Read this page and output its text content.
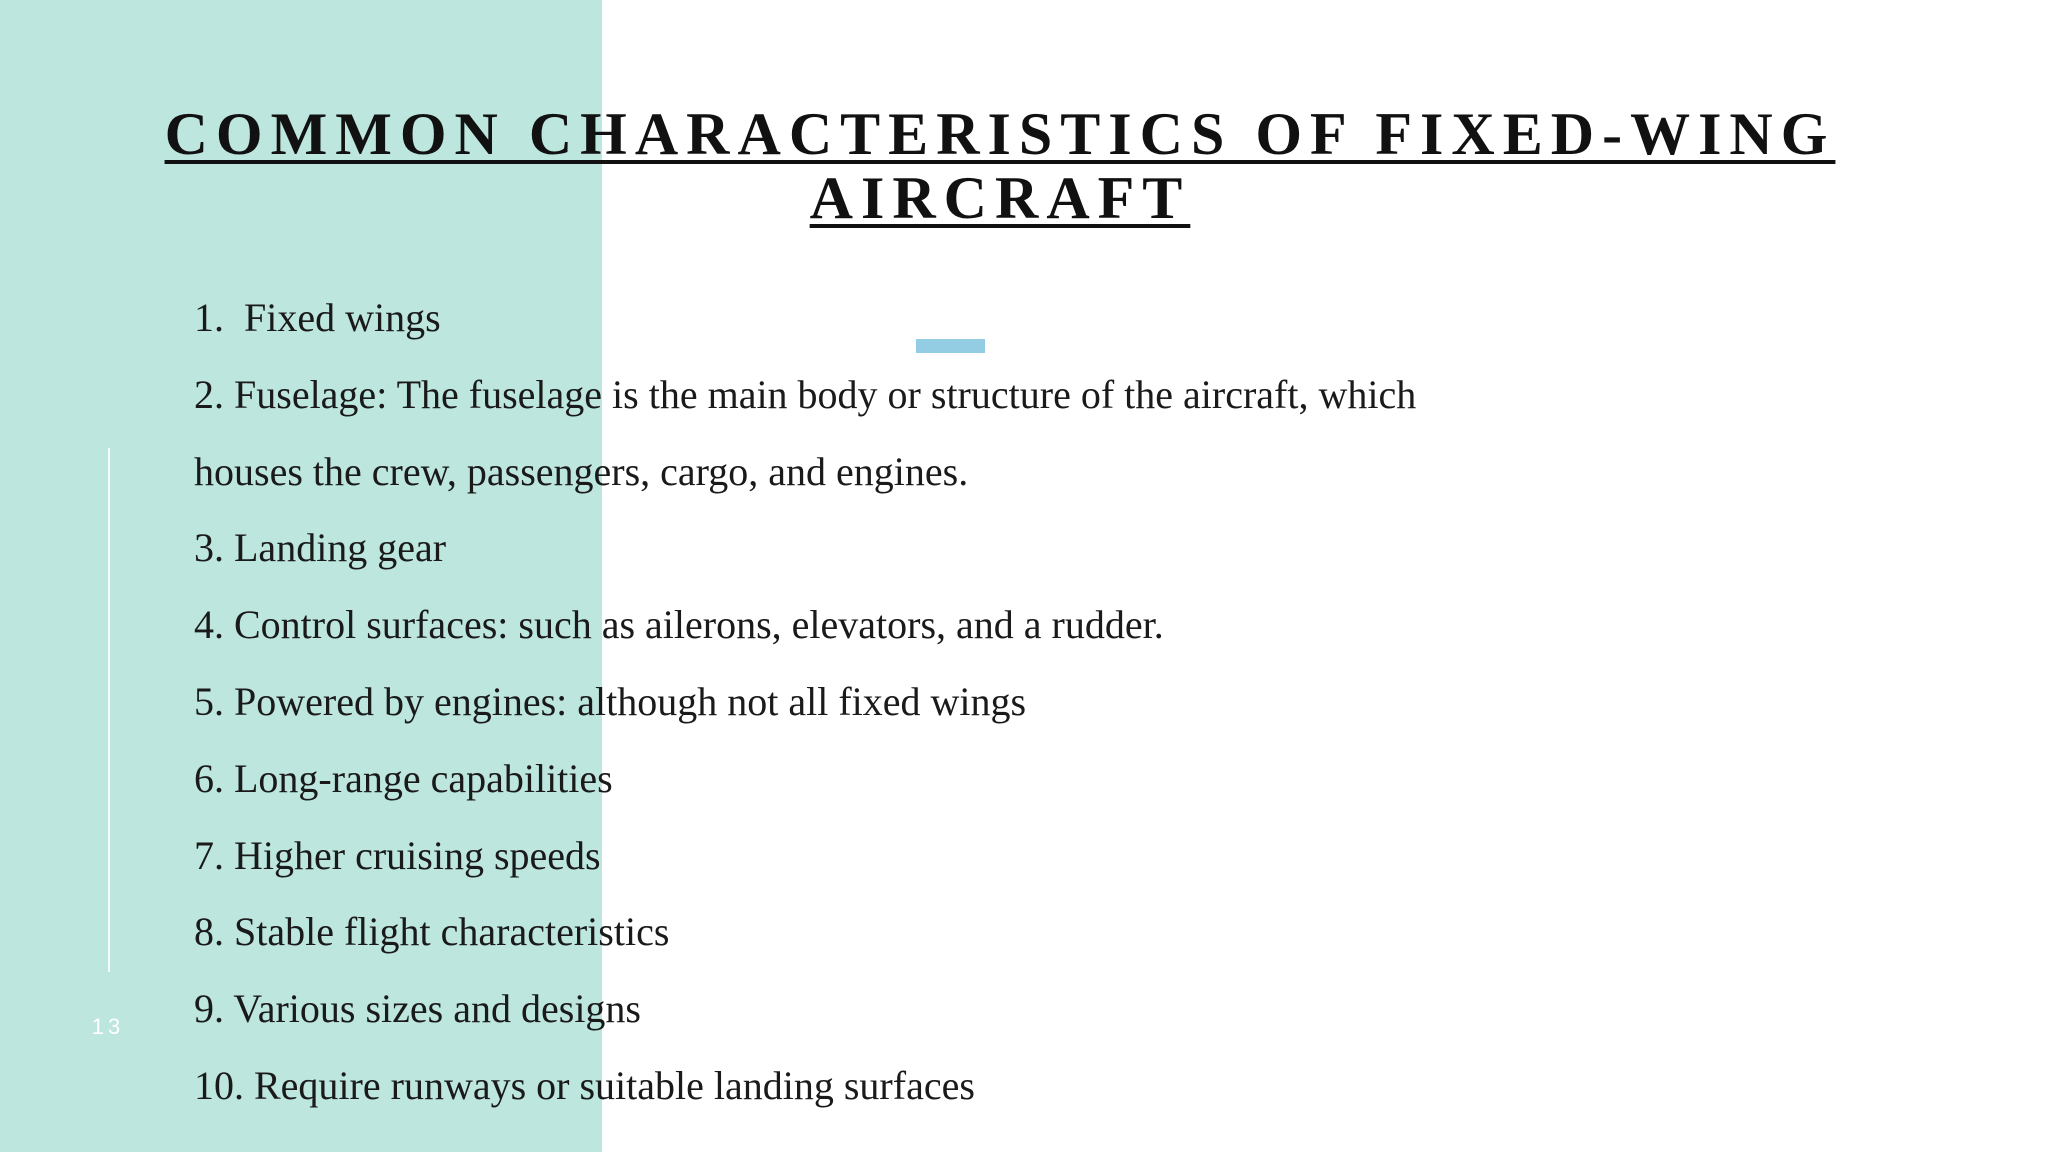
13
COMMON CHARACTERISTICS OF FIXED-WING
AIRCRAFT
1. Fixed wings
2. Fuselage: The fuselage is the main body or structure of the aircraft, which
houses the crew, passengers, cargo, and engines.
3. Landing gear
4. Control surfaces: such as ailerons, elevators, and a rudder.
5. Powered by engines: although not all fixed wings
6. Long-range capabilities
7. Higher cruising speeds
8. Stable flight characteristics
9. Various sizes and designs
10. Require runways or suitable landing surfaces
